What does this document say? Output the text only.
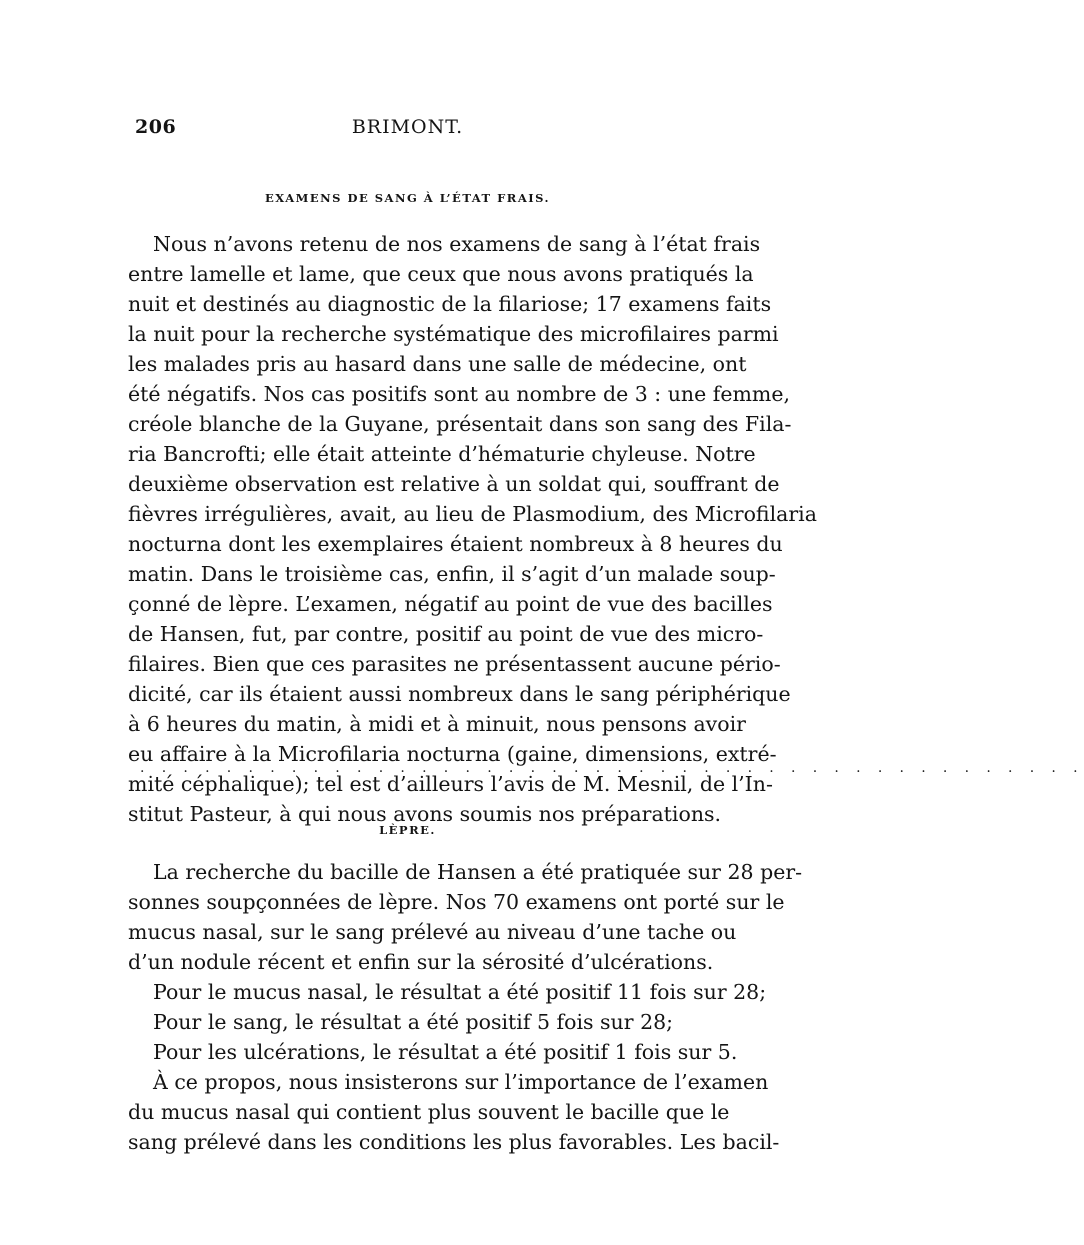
206	BRIMONT.
EXAMENS DE SANG À L’ÉTAT FRAIS.
Nous n’avons retenu de nos examens de sang à l’état frais
entre lamelle et lame, que ceux que nous avons pratiqués la
nuit et destinés au diagnostic de la filariose; 17 examens faits
la nuit pour la recherche systématique des microfilaires parmi
les malades pris au hasard dans une salle de médecine, ont
été négatifs. Nos cas positifs sont au nombre de 3 : une femme,
créole blanche de la Guyane, présentait dans son sang des Fila-
ria Bancrofti; elle était atteinte d’hématurie chyleuse. Notre
deuxième observation est relative à un soldat qui, souffrant de
fièvres irrégulières, avait, au lieu de Plasmodium, des Microfilaria
nocturna dont les exemplaires étaient nombreux à 8 heures du
matin. Dans le troisième cas, enfin, il s’agit d’un malade soup-
çonné de lèpre. L’examen, négatif au point de vue des bacilles
de Hansen, fut, par contre, positif au point de vue des micro-
filaires. Bien que ces parasites ne présentassent aucune pério-
dicité, car ils étaient aussi nombreux dans le sang périphérique
à 6 heures du matin, à midi et à minuit, nous pensons avoir
eu affaire à la Microfilaria nocturna (gaine, dimensions, extré-
mité céphalique); tel est d’ailleurs l’avis de M. Mesnil, de l’In-
stitut Pasteur, à qui nous avons soumis nos préparations.
. . . . . . . . . . . . . . . . . . . . . . . . . . . . . . . . . . . . . . . . . . . .
LÈPRE.
La recherche du bacille de Hansen a été pratiquée sur 28 per-
sonnes soupçonnées de lèpre. Nos 70 examens ont porté sur le
mucus nasal, sur le sang prélevé au niveau d’une tache ou
d’un nodule récent et enfin sur la sérosité d’ulcérations.
Pour le mucus nasal, le résultat a été positif 11 fois sur 28;
Pour le sang, le résultat a été positif 5 fois sur 28;
Pour les ulcérations, le résultat a été positif 1 fois sur 5.
À ce propos, nous insisterons sur l’importance de l’examen
du mucus nasal qui contient plus souvent le bacille que le
sang prélevé dans les conditions les plus favorables. Les bacil-
